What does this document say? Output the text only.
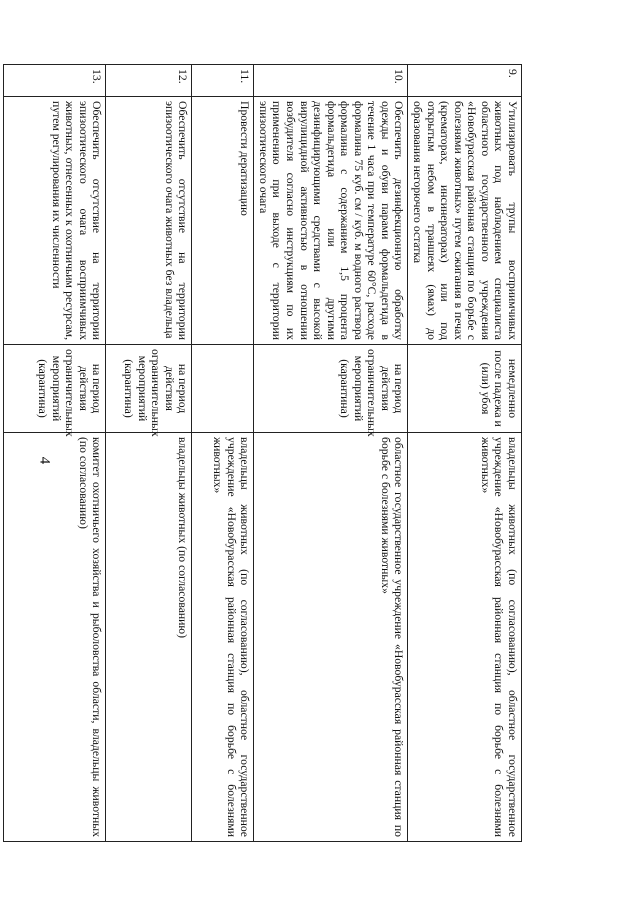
4
9.	Утилизировать трупы восприимчивых животных под наблюдением специалиста областного государственного учреждения «Новобурасская районная станция по борьбе с болезнями животных» путем сжигания в печах (крематорах, инсинераторах) или под открытым небом в траншеях (ямах) до образования негорючего остатка	немедленно после падежа и (или) убоя	владельцы животных (по согласованию), областное государственное учреждение «Новобурасская районная станция по борьбе с болезнями животных»
10.	Обеспечить дезинфекционную обработку одежды и обуви парами формальдегида в течение 1 часа при температуре 60°С, расходе формалина 75 куб. см / куб. м водного раствора формалина с содержанием 1,5 процента формальдегида или другими дезинфицирующими средствами с высокой вирулицидной активностью в отношении возбудителя согласно инструкциям по их применению при выходе с территории эпизоотического очага	на период действия ограничительных мероприятий (карантина)	областное государственное учреждение «Новобурасская районная станция по борьбе с болезнями животных»
11.	Провести дератизацию		владельцы животных (по согласованию), областное государственное учреждение «Новобурасская районная станция по борьбе с болезнями животных»
12.	Обеспечить отсутствие на территории эпизоотического очага животных без владельца	на период действия ограничительных мероприятий (карантина)	владельцы животных (по согласованию)
13.	Обеспечить отсутствие на территории эпизоотического очага восприимчивых животных, отнесенных к охотничьим ресурсам, путем регулирования их численности	на период действия ограничительных мероприятий (карантина)	комитет охотничьего хозяйства и рыболовства области, владельцы животных (по согласованию)
